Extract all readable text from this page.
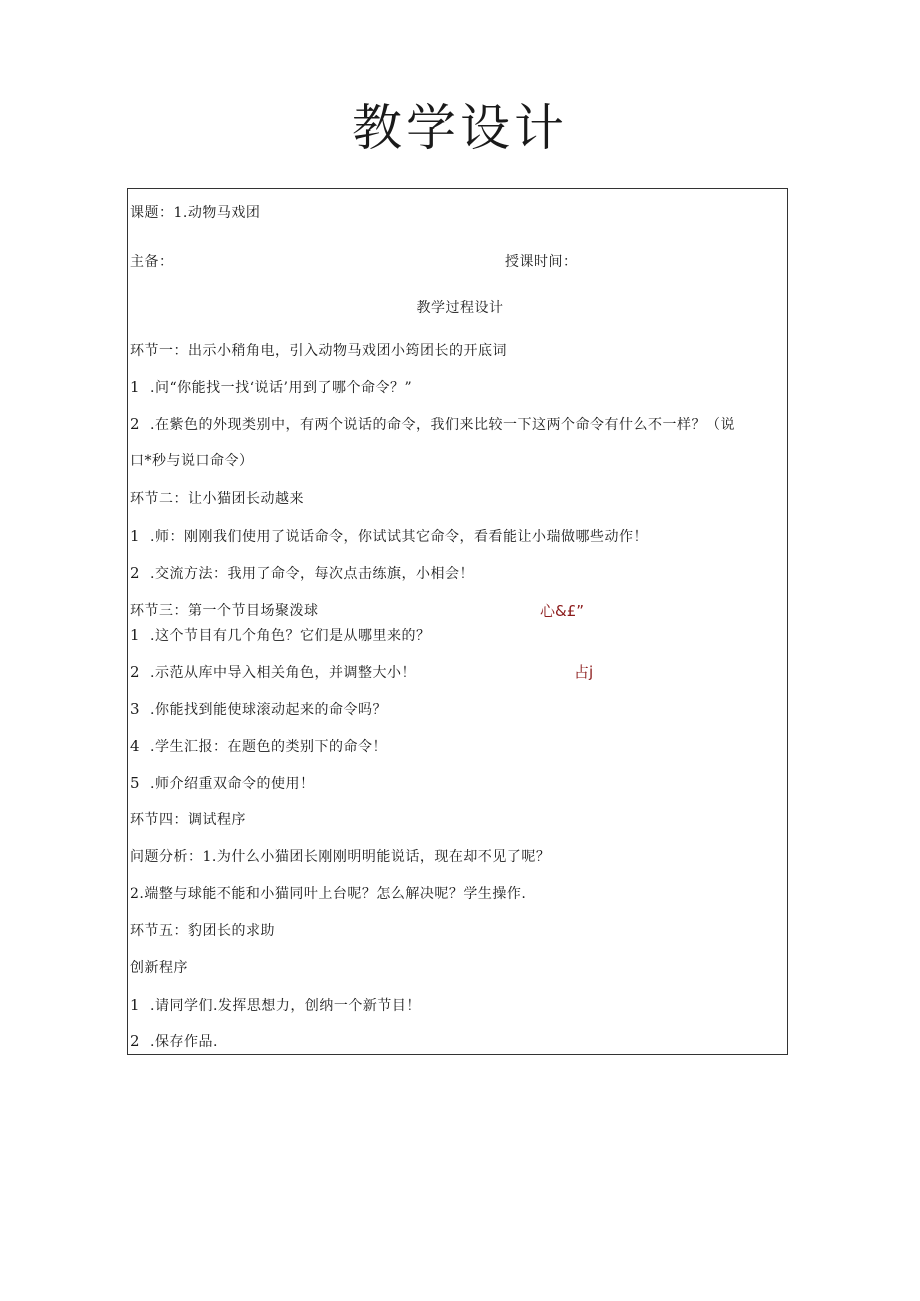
教学设计
课题：1.动物马戏团
主备：	授课时间：
教学过程设计
环节一：出示小稍角电，引入动物马戏团小筠团长的开底词
1 .问“你能找一找‘说话’用到了哪个命令？”
2 .在紫色的外现类别中，有两个说话的命令，我们来比较一下这两个命令有什么不一样？（说
口*秒与说口命令）
环节二：让小猫团长动越来
1 .师：刚刚我们使用了说话命令，你试试其它命令，看看能让小瑞做哪些动作！
2 .交流方法：我用了命令，每次点击练旗，小相会！
环节三：第一个节目场聚泼球	心&£”
1 .这个节目有几个角色？它们是从哪里来的？
2 .示范从库中导入相关角色，并调整大小！	占j
3 .你能找到能使球滚动起来的命令吗？
4 .学生汇报：在题色的类别下的命令！
5 .师介绍重双命令的使用！
环节四：调试程序
问题分析：1.为什么小猫团长刚刚明明能说话，现在却不见了呢？
2.端整与球能不能和小猫同叶上台呢？怎么解决呢？学生操作.
环节五：豹团长的求助
创新程序
1 .请同学们.发挥思想力，创纳一个新节目！
2 .保存作品.
